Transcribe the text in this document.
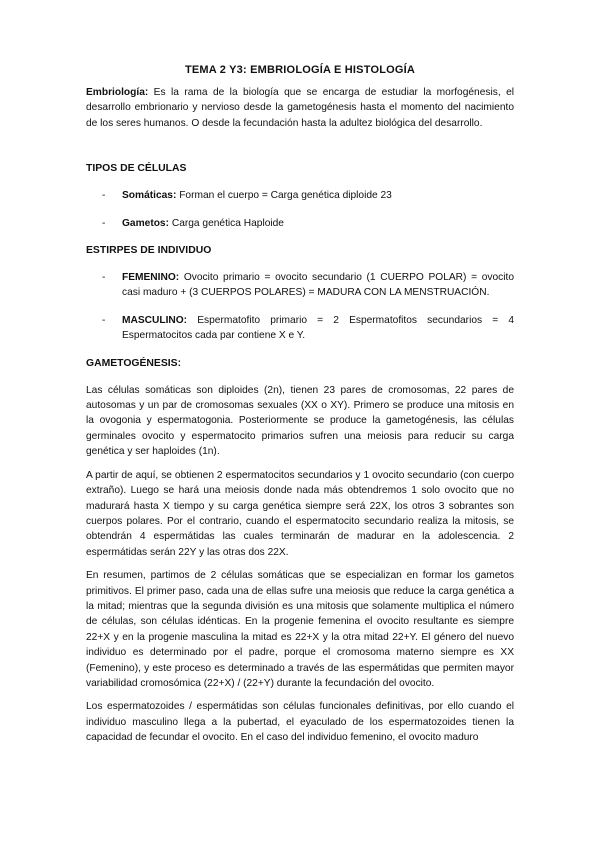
TEMA 2 Y3: EMBRIOLOGÍA E HISTOLOGÍA

Embriología: Es la rama de la biología que se encarga de estudiar la morfogénesis, el desarrollo embrionario y nervioso desde la gametogénesis hasta el momento del nacimiento de los seres humanos. O desde la fecundación hasta la adultez biológica del desarrollo.

TIPOS DE CÉLULAS
- Somáticas: Forman el cuerpo = Carga genética diploide 23
- Gametos: Carga genética Haploide
ESTIRPES DE INDIVIDUO
- FEMENINO: Ovocito primario = ovocito secundario (1 CUERPO POLAR) = ovocito casi maduro + (3 CUERPOS POLARES) = MADURA CON LA MENSTRUACIÓN.
- MASCULINO: Espermatofito primario = 2 Espermatofitos secundarios = 4 Espermatocitos cada par contiene X e Y.
GAMETOGÉNESIS:

Las células somáticas son diploides (2n), tienen 23 pares de cromosomas, 22 pares de autosomas y un par de cromosomas sexuales (XX o XY). Primero se produce una mitosis en la ovogonia y espermatogonia. Posteriormente se produce la gametogénesis, las células germinales ovocito y espermatocito primarios sufren una meiosis para reducir su carga genética y ser haploides (1n).

A partir de aquí, se obtienen 2 espermatocitos secundarios y 1 ovocito secundario (con cuerpo extraño). Luego se hará una meiosis donde nada más obtendremos 1 solo ovocito que no madurará hasta X tiempo y su carga genética siempre será 22X, los otros 3 sobrantes son cuerpos polares. Por el contrario, cuando el espermatocito secundario realiza la mitosis, se obtendrán 4 espermátidas las cuales terminarán de madurar en la adolescencia. 2 espermátidas serán 22Y y las otras dos 22X.

En resumen, partimos de 2 células somáticas que se especializan en formar los gametos primitivos. El primer paso, cada una de ellas sufre una meiosis que reduce la carga genética a la mitad; mientras que la segunda división es una mitosis que solamente multiplica el número de células, son células idénticas. En la progenie femenina el ovocito resultante es siempre 22+X y en la progenie masculina la mitad es 22+X y la otra mitad 22+Y. El género del nuevo individuo es determinado por el padre, porque el cromosoma materno siempre es XX (Femenino), y este proceso es determinado a través de las espermátidas que permiten mayor variabilidad cromosómica (22+X) / (22+Y) durante la fecundación del ovocito.

Los espermatozoides / espermátidas son células funcionales definitivas, por ello cuando el individuo masculino llega a la pubertad, el eyaculado de los espermatozoides tienen la capacidad de fecundar el ovocito. En el caso del individuo femenino, el ovocito maduro
